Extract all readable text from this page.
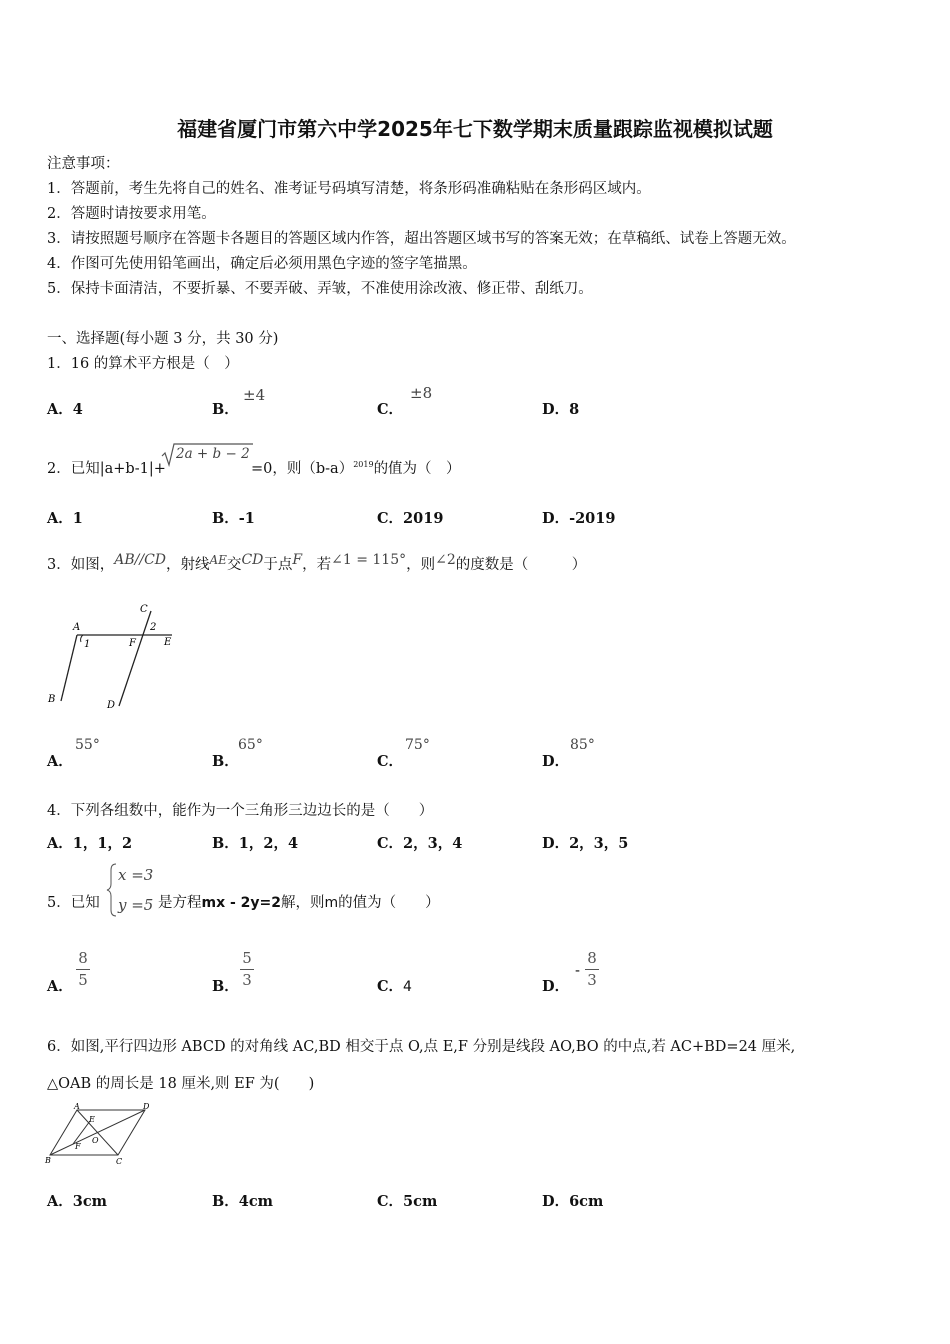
福建省厦门市第六中学2025年七下数学期末质量跟踪监视模拟试题
注意事项：
1．答题前，考生先将自己的姓名、准考证号码填写清楚，将条形码准确粘贴在条形码区域内。
2．答题时请按要求用笔。
3．请按照题号顺序在答题卡各题目的答题区域内作答，超出答题区域书写的答案无效；在草稿纸、试卷上答题无效。
4．作图可先使用铅笔画出，确定后必须用黑色字迹的签字笔描黑。
5．保持卡面清洁，不要折暴、不要弄破、弄皱，不准使用涂改液、修正带、刮纸刀。
一、选择题(每小题 3 分，共 30 分)
1．16 的算术平方根是（　）
A．4	B．
±4
C．
±8
D．8
2．已知|a+b-1|+
2a + b − 2
=0，则$(b-a)^{2019}$的值为（　）
A．1	B．-1	C．2019	D．-2019
3．如图，AB//CD，射线$^{AE}$交CD于点F，若∠1 = 115°，则∠2的度数是（　　　）
A
B
C
D
E
F
1
2
A．
55°
B．
65°
C．
75°
D．
85°
4．下列各组数中，能作为一个三角形三边边长的是（　　）
A．1，1，2	B．1，2，4	C．2，3，4	D．2，3，5
5．已知
x =3
y =5 是方程mx - 2y=2解，则m的值为（　　）
A．
8
5	B．
5
3	C．4	D．
-
8
3
6．如图,平行四边形 ABCD 的对角线 AC,BD 相交于点 O,点 E,F 分别是线段 AO,BO 的中点,若 AC+BD=24 厘米,
△OAB 的周长是 18 厘米,则 EF 为(　　)
A	D
B	C
E
F
O
A．3cm	B．4cm	C．5cm	D．6cm
